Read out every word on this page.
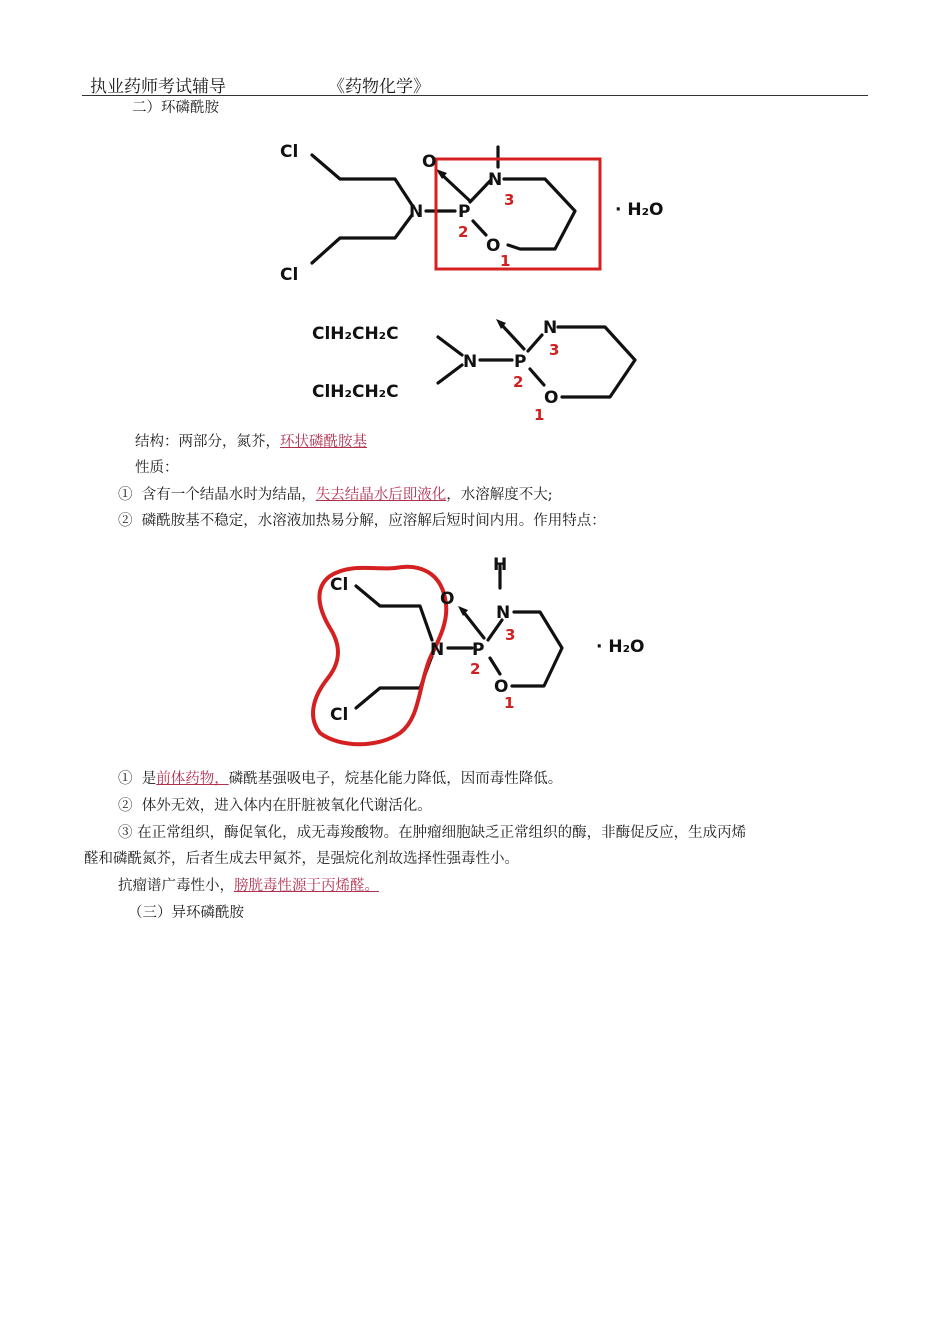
执业药师考试辅导	《药物化学》
二）环磷酰胺
Cl
Cl
N P
O
N
O
· H₂O
3
2
1
ClH₂CH₂C
ClH₂CH₂C
N P
N
O
3
2
1
结构：两部分，氮芥，环状磷酰胺基
性质：
① 含有一个结晶水时为结晶，失去结晶水后即液化，水溶解度不大;
② 磷酰胺基不稳定，水溶液加热易分解，应溶解后短时间内用。作用特点：
H
Cl
Cl
N P
O
N
O
· H₂O
3
2
1
① 是前体药物，磷酰基强吸电子，烷基化能力降低，因而毒性降低。
② 体外无效，进入体内在肝脏被氧化代谢活化。
③ 在正常组织，酶促氧化，成无毒羧酸物。在肿瘤细胞缺乏正常组织的酶，非酶促反应，生成丙烯
醛和磷酰氮芥，后者生成去甲氮芥，是强烷化剂故选择性强毒性小。
抗瘤谱广毒性小，膀胱毒性源于丙烯醛。
（三）异环磷酰胺
